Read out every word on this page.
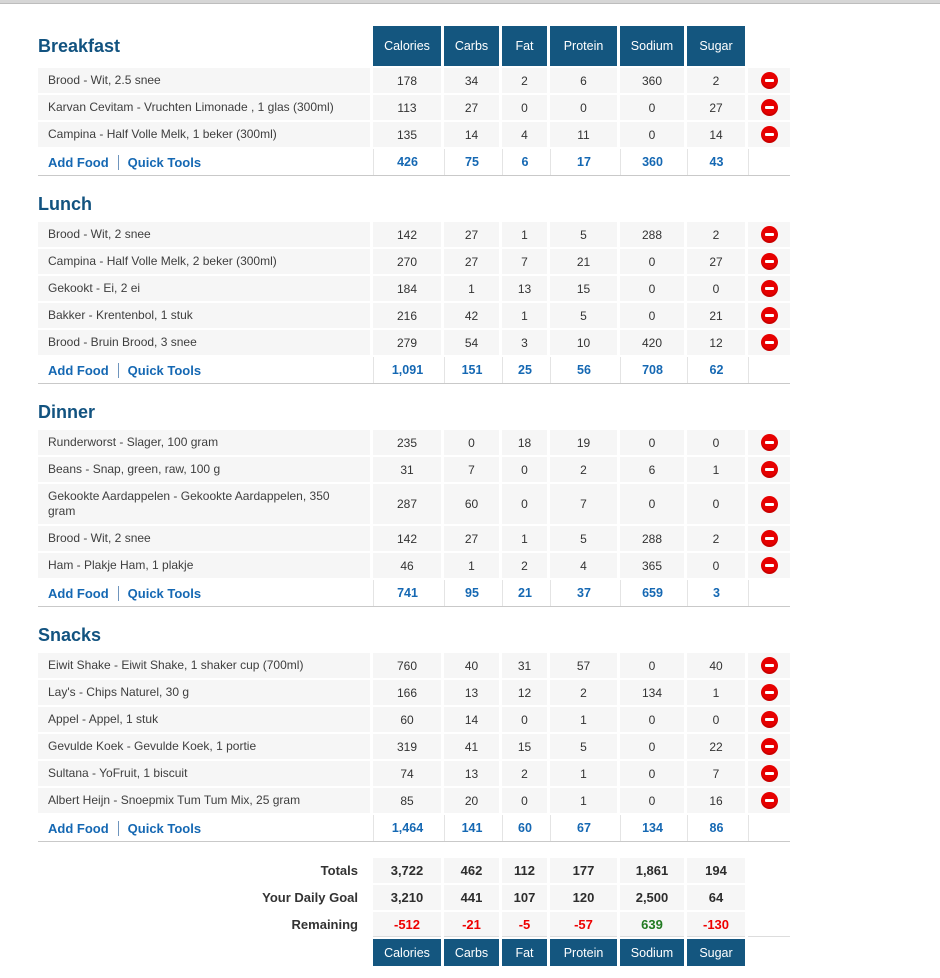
Breakfast	Calories	Carbs	Fat	Protein	Sodium	Sugar
Brood - Wit, 2.5 snee	178	34	2	6	360	2
Karvan Cevitam - Vruchten Limonade , 1 glas (300ml)	113	27	0	0	0	27
Campina - Half Volle Melk, 1 beker (300ml)	135	14	4	11	0	14
Add Food Quick Tools	426	75	6	17	360	43
Lunch
Brood - Wit, 2 snee	142	27	1	5	288	2
Campina - Half Volle Melk, 2 beker (300ml)	270	27	7	21	0	27
Gekookt - Ei, 2 ei	184	1	13	15	0	0
Bakker - Krentenbol, 1 stuk	216	42	1	5	0	21
Brood - Bruin Brood, 3 snee	279	54	3	10	420	12
Add Food Quick Tools	1,091	151	25	56	708	62
Dinner
Runderworst - Slager, 100 gram	235	0	18	19	0	0
Beans - Snap, green, raw, 100 g	31	7	0	2	6	1
Gekookte Aardappelen - Gekookte Aardappelen, 350 gram	287	60	0	7	0	0
Brood - Wit, 2 snee	142	27	1	5	288	2
Ham - Plakje Ham, 1 plakje	46	1	2	4	365	0
Add Food Quick Tools	741	95	21	37	659	3
Snacks
Eiwit Shake - Eiwit Shake, 1 shaker cup (700ml)	760	40	31	57	0	40
Lay's - Chips Naturel, 30 g	166	13	12	2	134	1
Appel - Appel, 1 stuk	60	14	0	1	0	0
Gevulde Koek - Gevulde Koek, 1 portie	319	41	15	5	0	22
Sultana - YoFruit, 1 biscuit	74	13	2	1	0	7
Albert Heijn - Snoepmix Tum Tum Mix, 25 gram	85	20	0	1	0	16
Add Food Quick Tools	1,464	141	60	67	134	86
Totals	3,722	462	112	177	1,861	194
Your Daily Goal	3,210	441	107	120	2,500	64
Remaining	-512	-21	-5	-57	639	-130
Calories	Carbs	Fat	Protein	Sodium	Sugar
